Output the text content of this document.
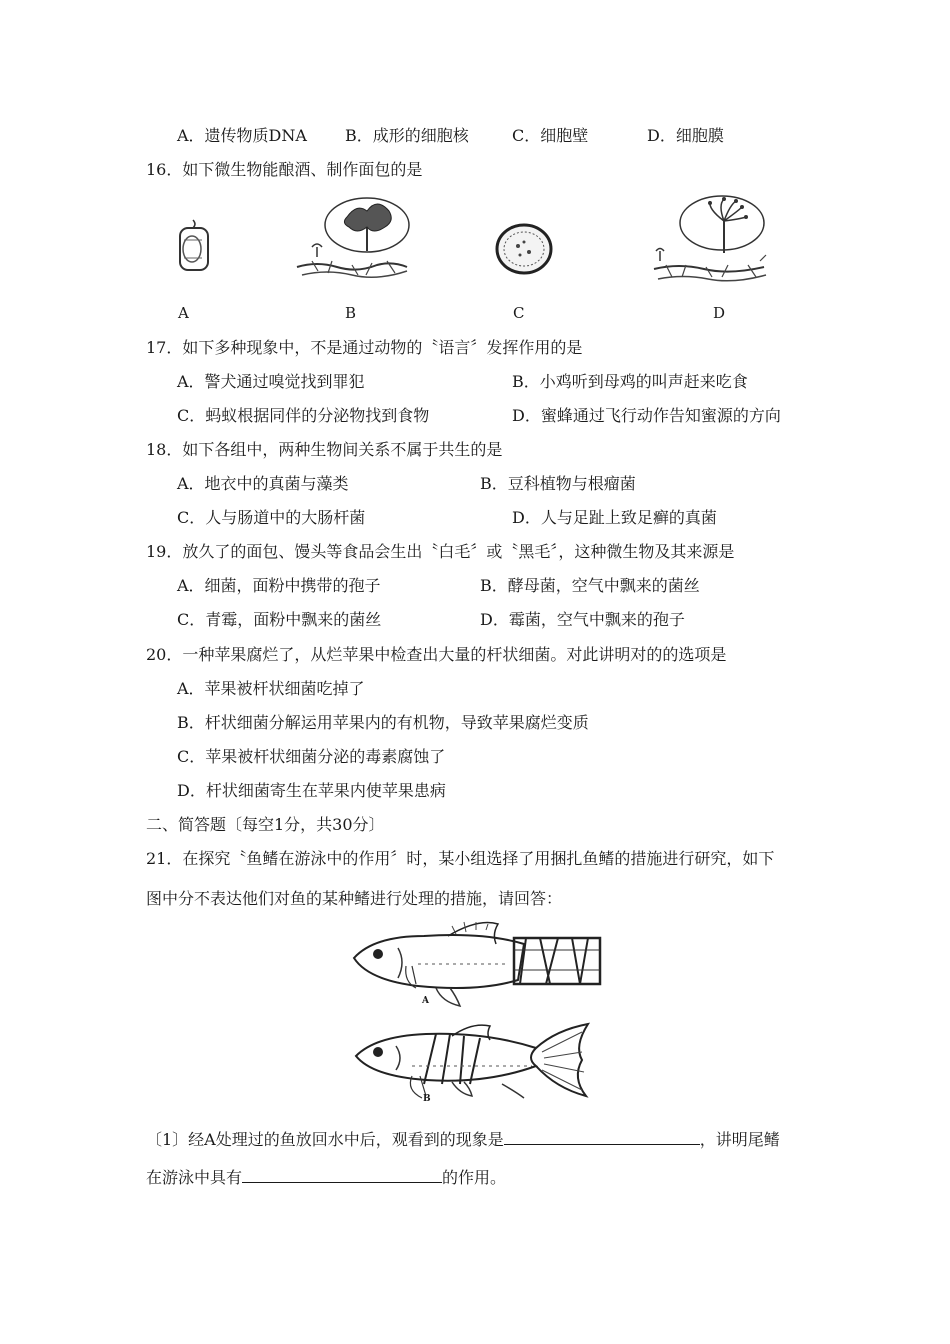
A．遗传物质DNA B．成形的细胞核	C．细胞壁	D．细胞膜
16．如下微生物能酿酒、制作面包的是
A	B	C	D
17．如下多种现象中，不是通过动物的〝语言〞发挥作用的是
A．警犬通过嗅觉找到罪犯	B．小鸡听到母鸡的叫声赶来吃食
C．蚂蚁根据同伴的分泌物找到食物	D．蜜蜂通过飞行动作告知蜜源的方向
18．如下各组中，两种生物间关系不属于共生的是
A．地衣中的真菌与藻类	B．豆科植物与根瘤菌
C．人与肠道中的大肠杆菌	D．人与足趾上致足癣的真菌
19．放久了的面包、馒头等食品会生出〝白毛〞或〝黑毛〞，这种微生物及其来源是
A．细菌，面粉中携带的孢子	B．酵母菌，空气中飘来的菌丝
C．青霉，面粉中飘来的菌丝	D．霉菌，空气中飘来的孢子
20．一种苹果腐烂了，从烂苹果中检查出大量的杆状细菌。对此讲明对的的选项是
A．苹果被杆状细菌吃掉了
B．杆状细菌分解运用苹果内的有机物，导致苹果腐烂变质
C．苹果被杆状细菌分泌的毒素腐蚀了
D．杆状细菌寄生在苹果内使苹果患病
二、简答题〔每空1分，共30分〕
21．在探究〝鱼鳍在游泳中的作用〞时，某小组选择了用捆扎鱼鳍的措施进行研究，如下
图中分不表达他们对鱼的某种鳍进行处理的措施，请回答：
A
B
〔1〕经A处理过的鱼放回水中后，观看到的现象是	，讲明尾鳍
在游泳中具有	的作用。
